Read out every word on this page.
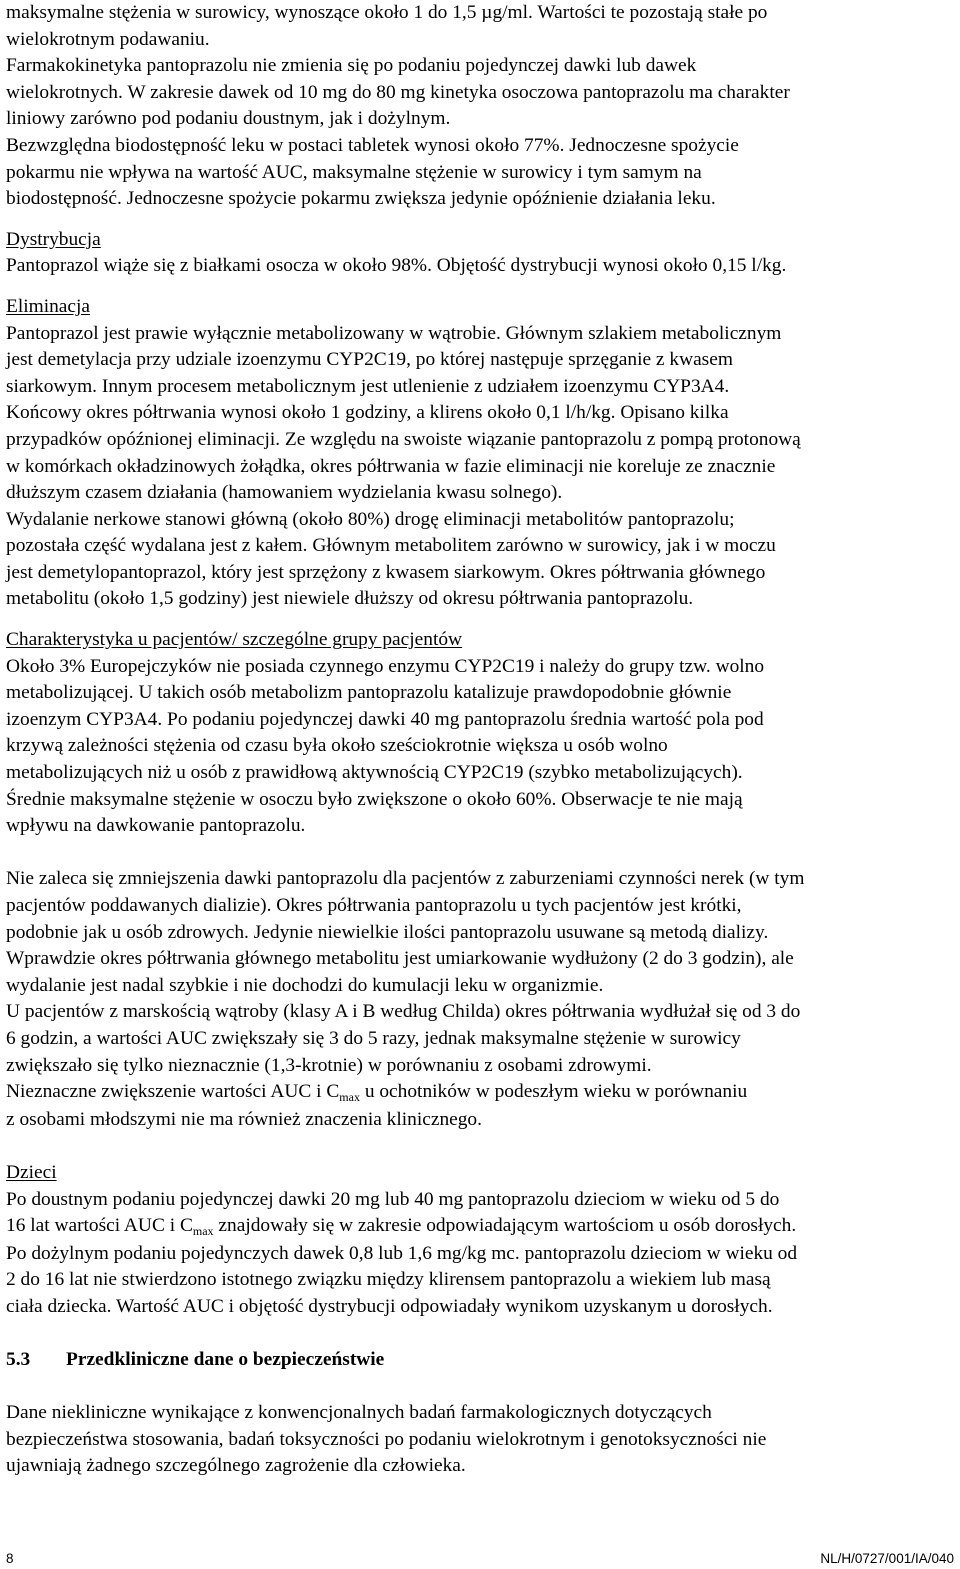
maksymalne stężenia w surowicy, wynoszące około 1 do 1,5 µg/ml. Wartości te pozostają stałe po

wielokrotnym podawaniu.

Farmakokinetyka pantoprazolu nie zmienia się po podaniu pojedynczej dawki lub dawek

wielokrotnych. W zakresie dawek od 10 mg do 80 mg kinetyka osoczowa pantoprazolu ma charakter

liniowy zarówno pod podaniu doustnym, jak i dożylnym.

Bezwzględna biodostępność leku w postaci tabletek wynosi około 77%. Jednoczesne spożycie

pokarmu nie wpływa na wartość AUC, maksymalne stężenie w surowicy i tym samym na

biodostępność. Jednoczesne spożycie pokarmu zwiększa jedynie opóźnienie działania leku.

Dystrybucja

Pantoprazol wiąże się z białkami osocza w około 98%. Objętość dystrybucji wynosi około 0,15 l/kg.

Eliminacja

Pantoprazol jest prawie wyłącznie metabolizowany w wątrobie. Głównym szlakiem metabolicznym

jest demetylacja przy udziale izoenzymu CYP2C19, po której następuje sprzęganie z kwasem

siarkowym. Innym procesem metabolicznym jest utlenienie z udziałem izoenzymu CYP3A4.

Końcowy okres półtrwania wynosi około 1 godziny, a klirens około 0,1 l/h/kg. Opisano kilka

przypadków opóźnionej eliminacji. Ze względu na swoiste wiązanie pantoprazolu z pompą protonową

w komórkach okładzinowych żołądka, okres półtrwania w fazie eliminacji nie koreluje ze znacznie

dłuższym czasem działania (hamowaniem wydzielania kwasu solnego).

Wydalanie nerkowe stanowi główną (około 80%) drogę eliminacji metabolitów pantoprazolu;

pozostała część wydalana jest z kałem. Głównym metabolitem zarówno w surowicy, jak i w moczu

jest demetylopantoprazol, który jest sprzężony z kwasem siarkowym. Okres półtrwania głównego

metabolitu (około 1,5 godziny) jest niewiele dłuższy od okresu półtrwania pantoprazolu.

Charakterystyka u pacjentów/ szczególne grupy pacjentów

Około 3% Europejczyków nie posiada czynnego enzymu CYP2C19 i należy do grupy tzw. wolno

metabolizującej. U takich osób metabolizm pantoprazolu katalizuje prawdopodobnie głównie

izoenzym CYP3A4. Po podaniu pojedynczej dawki 40 mg pantoprazolu średnia wartość pola pod

krzywą zależności stężenia od czasu była około sześciokrotnie większa u osób wolno

metabolizujących niż u osób z prawidłową aktywnością CYP2C19 (szybko metabolizujących).

Średnie maksymalne stężenie w osoczu było zwiększone o około 60%. Obserwacje te nie mają

wpływu na dawkowanie pantoprazolu.

Nie zaleca się zmniejszenia dawki pantoprazolu dla pacjentów z zaburzeniami czynności nerek (w tym

pacjentów poddawanych dializie). Okres półtrwania pantoprazolu u tych pacjentów jest krótki,

podobnie jak u osób zdrowych. Jedynie niewielkie ilości pantoprazolu usuwane są metodą dializy.

Wprawdzie okres półtrwania głównego metabolitu jest umiarkowanie wydłużony (2 do 3 godzin), ale

wydalanie jest nadal szybkie i nie dochodzi do kumulacji leku w organizmie.

U pacjentów z marskością wątroby (klasy A i B według Childa) okres półtrwania wydłużał się od 3 do

6 godzin, a wartości AUC zwiększały się 3 do 5 razy, jednak maksymalne stężenie w surowicy

zwiększało się tylko nieznacznie (1,3-krotnie) w porównaniu z osobami zdrowymi.

Nieznaczne zwiększenie wartości AUC i $C_{max}$ u ochotników w podeszłym wieku w porównaniu

z osobami młodszymi nie ma również znaczenia klinicznego.

Dzieci

Po doustnym podaniu pojedynczej dawki 20 mg lub 40 mg pantoprazolu dzieciom w wieku od 5 do

16 lat wartości AUC i $C_{max}$ znajdowały się w zakresie odpowiadającym wartościom u osób dorosłych.

Po dożylnym podaniu pojedynczych dawek 0,8 lub 1,6 mg/kg mc. pantoprazolu dzieciom w wieku od

2 do 16 lat nie stwierdzono istotnego związku między klirensem pantoprazolu a wiekiem lub masą

ciała dziecka. Wartość AUC i objętość dystrybucji odpowiadały wynikom uzyskanym u dorosłych.

5.3 Przedkliniczne dane o bezpieczeństwie

Dane niekliniczne wynikające z konwencjonalnych badań farmakologicznych dotyczących

bezpieczeństwa stosowania, badań toksyczności po podaniu wielokrotnym i genotoksyczności nie

ujawniają żadnego szczególnego zagrożenie dla człowieka.

8	NL/H/0727/001/IA/040
